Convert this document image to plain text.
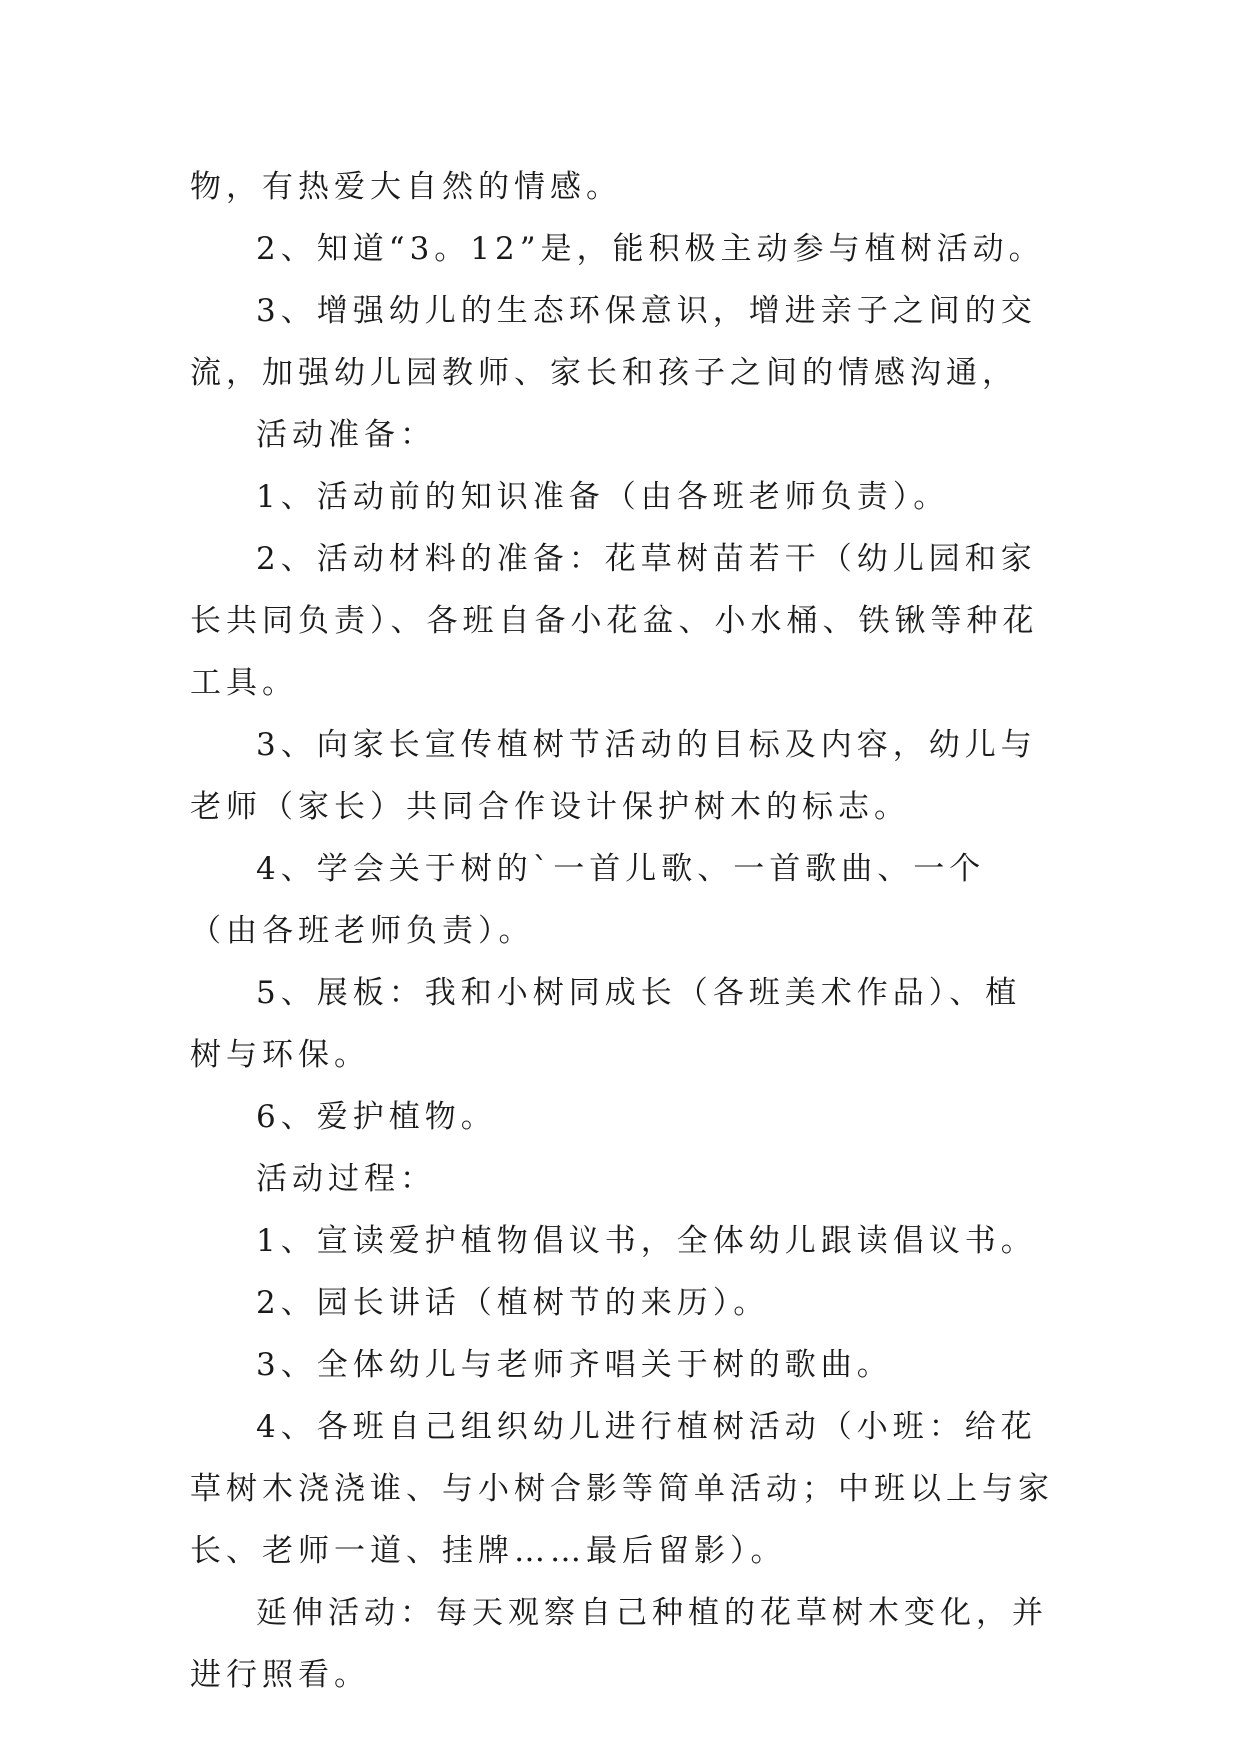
物，有热爱大自然的情感。

2、知道“3。12”是，能积极主动参与植树活动。

3、增强幼儿的生态环保意识，增进亲子之间的交流，加强幼儿园教师、家长和孩子之间的情感沟通，

活动准备：

1、活动前的知识准备（由各班老师负责）。

2、活动材料的准备：花草树苗若干（幼儿园和家长共同负责）、各班自备小花盆、小水桶、铁锹等种花工具。

3、向家长宣传植树节活动的目标及内容，幼儿与老师（家长）共同合作设计保护树木的标志。

4、学会关于树的`一首儿歌、一首歌曲、一个（由各班老师负责）。

5、展板：我和小树同成长（各班美术作品）、植树与环保。

6、爱护植物。

活动过程：

1、宣读爱护植物倡议书，全体幼儿跟读倡议书。

2、园长讲话（植树节的来历）。

3、全体幼儿与老师齐唱关于树的歌曲。

4、各班自己组织幼儿进行植树活动（小班：给花草树木浇浇谁、与小树合影等简单活动；中班以上与家长、老师一道、挂牌……最后留影）。

延伸活动：每天观察自己种植的花草树木变化，并进行照看。
